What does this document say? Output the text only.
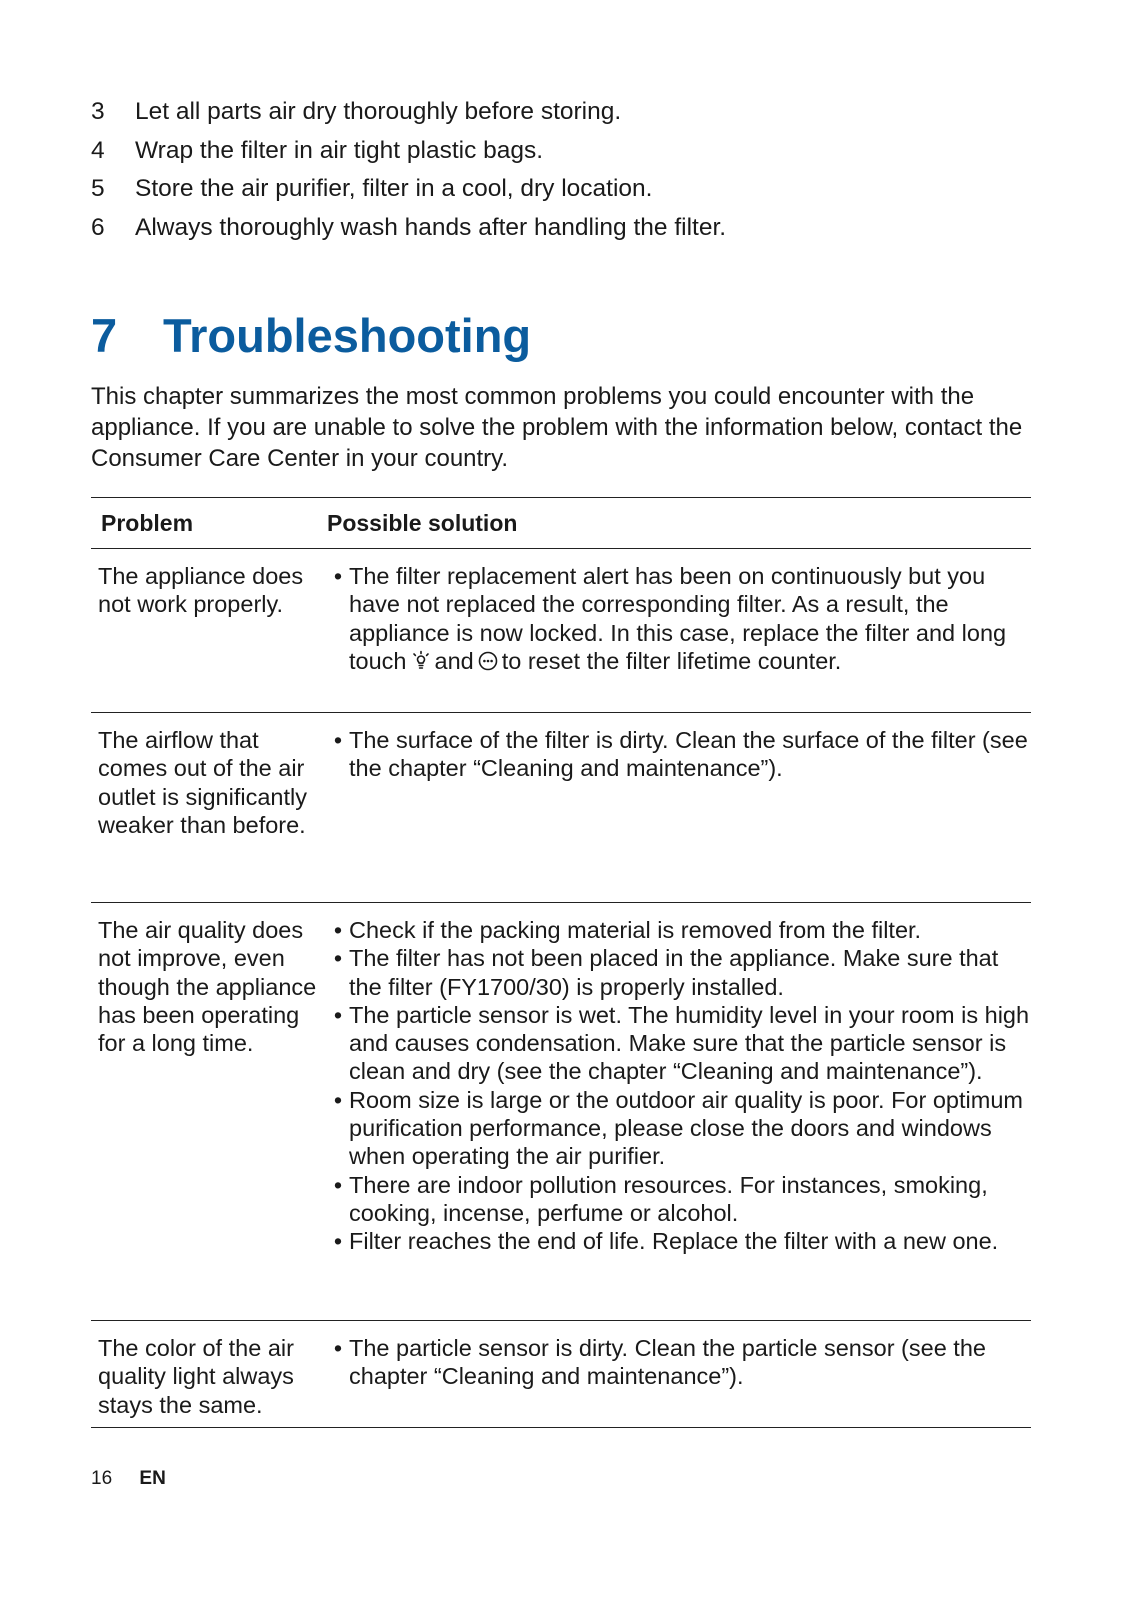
3	Let all parts air dry thoroughly before storing.
4	Wrap the filter in air tight plastic bags.
5	Store the air purifier, filter in a cool, dry location.
6	Always thoroughly wash hands after handling the filter.
7 Troubleshooting

This chapter summarizes the most common problems you could encounter with the appliance. If you are unable to solve the problem with the information below, contact the Consumer Care Center in your country.

Problem	Possible solution
The appliance does not work properly.
• The filter replacement alert has been on continuously but you have not replaced the corresponding filter. As a result, the appliance is now locked. In this case, replace the filter and long touch and to reset the filter lifetime counter.
The airflow that comes out of the air outlet is significantly weaker than before.
• The surface of the filter is dirty. Clean the surface of the filter (see the chapter “Cleaning and maintenance”).
The air quality does not improve, even though the appliance has been operating for a long time.
• Check if the packing material is removed from the filter.
• The filter has not been placed in the appliance. Make sure that the filter (FY1700/30) is properly installed.
• The particle sensor is wet. The humidity level in your room is high and causes condensation. Make sure that the particle sensor is clean and dry (see the chapter “Cleaning and maintenance”).
• Room size is large or the outdoor air quality is poor. For optimum purification performance, please close the doors and windows when operating the air purifier.
• There are indoor pollution resources. For instances, smoking, cooking, incense, perfume or alcohol.
• Filter reaches the end of life. Replace the filter with a new one.
The color of the air quality light always stays the same.
• The particle sensor is dirty. Clean the particle sensor (see the chapter “Cleaning and maintenance”).
16 EN
